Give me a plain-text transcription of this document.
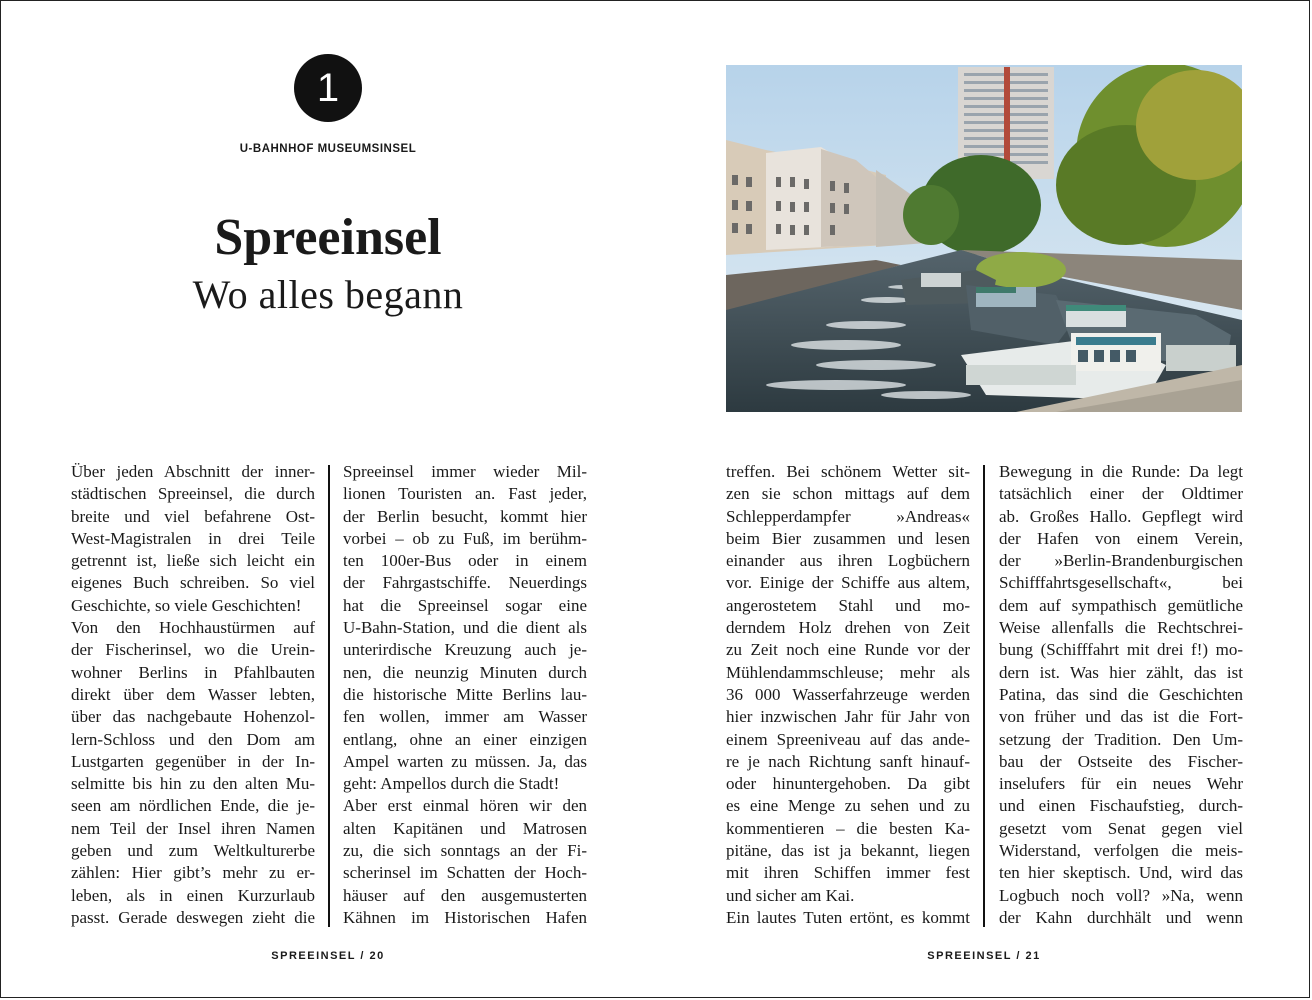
1
U-BAHNHOF MUSEUMSINSEL
Spreeinsel
Wo alles begann
Über jeden Abschnitt der inner-
städtischen Spreeinsel, die durch
breite und viel befahrene Ost-
West-Magistralen in drei Teile
getrennt ist, ließe sich leicht ein
eigenes Buch schreiben. So viel
Geschichte, so viele Geschichten!
Von den Hochhaustürmen auf
der Fischerinsel, wo die Urein-
wohner Berlins in Pfahlbauten
direkt über dem Wasser lebten,
über das nachgebaute Hohenzol-
lern-Schloss und den Dom am
Lustgarten gegenüber in der In-
selmitte bis hin zu den alten Mu-
seen am nördlichen Ende, die je-
nem Teil der Insel ihren Namen
geben und zum Weltkulturerbe
zählen: Hier gibt’s mehr zu er-
leben, als in einen Kurzurlaub
passt. Gerade deswegen zieht die
Spreeinsel immer wieder Mil-
lionen Touristen an. Fast jeder,
der Berlin besucht, kommt hier
vorbei – ob zu Fuß, im berühm-
ten 100er-Bus oder in einem
der Fahrgastschiffe. Neuerdings
hat die Spreeinsel sogar eine
U-Bahn-Station, und die dient als
unterirdische Kreuzung auch je-
nen, die neunzig Minuten durch
die historische Mitte Berlins lau-
fen wollen, immer am Wasser
entlang, ohne an einer einzigen
Ampel warten zu müssen. Ja, das
geht: Ampellos durch die Stadt!
Aber erst einmal hören wir den
alten Kapitänen und Matrosen
zu, die sich sonntags an der Fi-
scherinsel im Schatten der Hoch-
häuser auf den ausgemusterten
Kähnen im Historischen Hafen
SPREEINSEL / 20
treffen. Bei schönem Wetter sit-
zen sie schon mittags auf dem
Schlepperdampfer »Andreas«
beim Bier zusammen und lesen
einander aus ihren Logbüchern
vor. Einige der Schiffe aus altem,
angerostetem Stahl und mo-
derndem Holz drehen von Zeit
zu Zeit noch eine Runde vor der
Mühlendammschleuse; mehr als
36 000 Wasserfahrzeuge werden
hier inzwischen Jahr für Jahr von
einem Spreeniveau auf das ande-
re je nach Richtung sanft hinauf-
oder hinuntergehoben. Da gibt
es eine Menge zu sehen und zu
kommentieren – die besten Ka-
pitäne, das ist ja bekannt, liegen
mit ihren Schiffen immer fest
und sicher am Kai.
Ein lautes Tuten ertönt, es kommt
Bewegung in die Runde: Da legt
tatsächlich einer der Oldtimer
ab. Großes Hallo. Gepflegt wird
der Hafen von einem Verein,
der »Berlin-Brandenburgischen
Schifffahrtsgesellschaft«, bei
dem auf sympathisch gemütliche
Weise allenfalls die Rechtschrei-
bung (Schifffahrt mit drei f!) mo-
dern ist. Was hier zählt, das ist
Patina, das sind die Geschichten
von früher und das ist die Fort-
setzung der Tradition. Den Um-
bau der Ostseite des Fischer-
inselufers für ein neues Wehr
und einen Fischaufstieg, durch-
gesetzt vom Senat gegen viel
Widerstand, verfolgen die meis-
ten hier skeptisch. Und, wird das
Logbuch noch voll? »Na, wenn
der Kahn durchhält und wenn
SPREEINSEL / 21
